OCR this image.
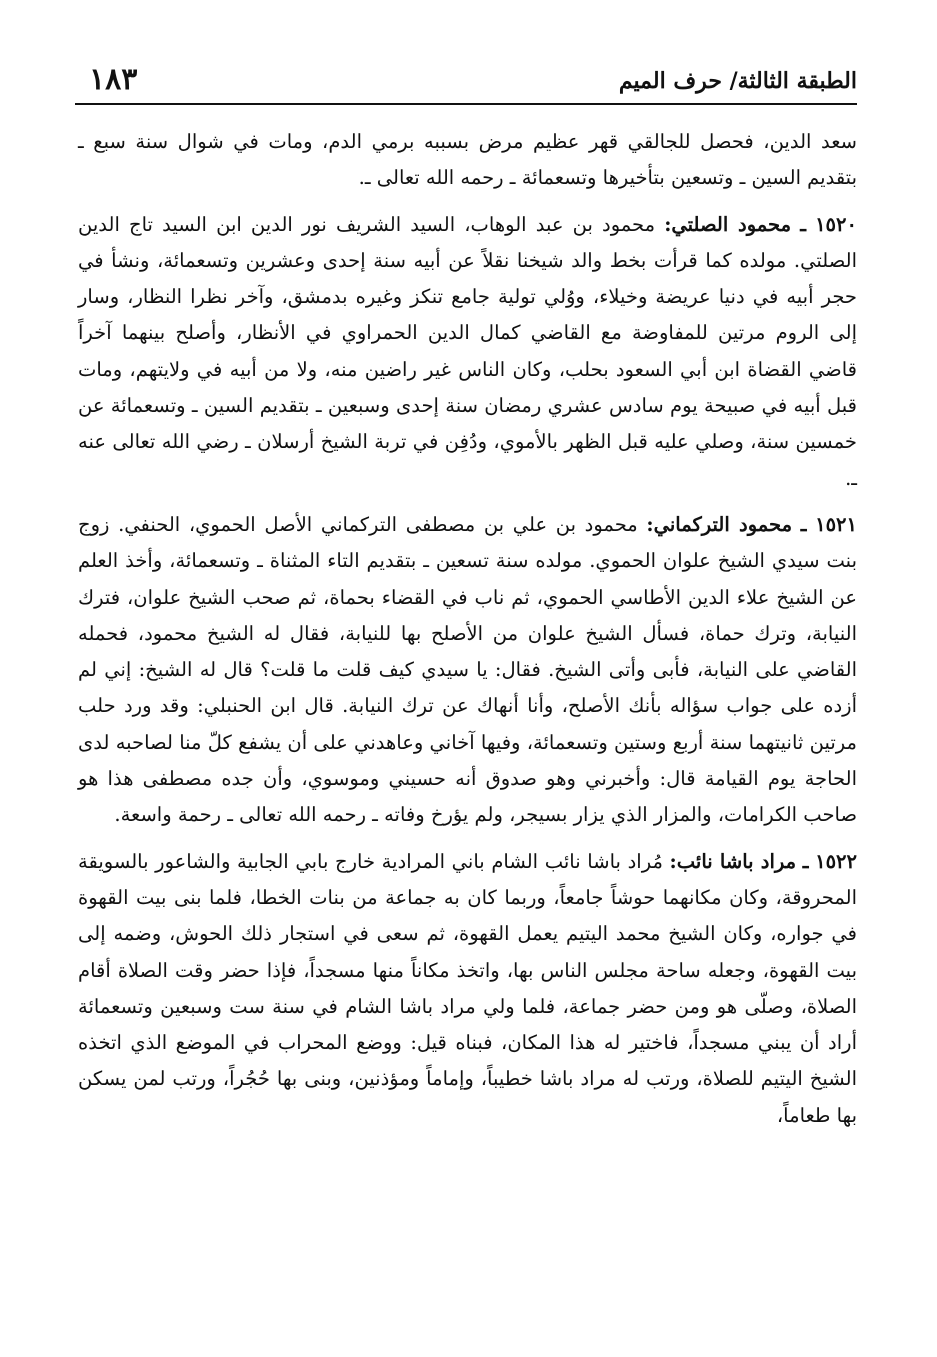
الطبقة الثالثة/ حرف الميم
١٨٣

سعد الدين، فحصل للجالقي قهر عظيم مرض بسببه برمي الدم، ومات في شوال سنة سبع ـ بتقديم السين ـ وتسعين بتأخيرها وتسعمائة ـ رحمه الله تعالى ـ.

١٥٢٠ ـ محمود الصلتي: محمود بن عبد الوهاب، السيد الشريف نور الدين ابن السيد تاج الدين الصلتي. مولده كما قرأت بخط والد شيخنا نقلاً عن أبيه سنة إحدى وعشرين وتسعمائة، ونشأ في حجر أبيه في دنيا عريضة وخيلاء، ووُلي تولية جامع تنكز وغيره بدمشق، وآخر نظرا النظار، وسار إلى الروم مرتين للمفاوضة مع القاضي كمال الدين الحمراوي في الأنظار، وأصلح بينهما آخراً قاضي القضاة ابن أبي السعود بحلب، وكان الناس غير راضين منه، ولا من أبيه في ولايتهم، ومات قبل أبيه في صبيحة يوم سادس عشري رمضان سنة إحدى وسبعين ـ بتقديم السين ـ وتسعمائة عن خمسين سنة، وصلي عليه قبل الظهر بالأموي، ودُفِن في تربة الشيخ أرسلان ـ رضي الله تعالى عنه ـ.

١٥٢١ ـ محمود التركماني: محمود بن علي بن مصطفى التركماني الأصل الحموي، الحنفي. زوج بنت سيدي الشيخ علوان الحموي. مولده سنة تسعين ـ بتقديم التاء المثناة ـ وتسعمائة، وأخذ العلم عن الشيخ علاء الدين الأطاسي الحموي، ثم ناب في القضاء بحماة، ثم صحب الشيخ علوان، فترك النيابة، وترك حماة، فسأل الشيخ علوان من الأصلح بها للنيابة، فقال له الشيخ محمود، فحمله القاضي على النيابة، فأبى وأتى الشيخ. فقال: يا سيدي كيف قلت ما قلت؟ قال له الشيخ: إني لم أزده على جواب سؤاله بأنك الأصلح، وأنا أنهاك عن ترك النيابة. قال ابن الحنبلي: وقد ورد حلب مرتين ثانيتهما سنة أربع وستين وتسعمائة، وفيها آخاني وعاهدني على أن يشفع كلّ منا لصاحبه لدى الحاجة يوم القيامة قال: وأخبرني وهو صدوق أنه حسيني وموسوي، وأن جده مصطفى هذا هو صاحب الكرامات، والمزار الذي يزار بسيجر، ولم يؤرخ وفاته ـ رحمه الله تعالى ـ رحمة واسعة.

١٥٢٢ ـ مراد باشا نائب: مُراد باشا نائب الشام باني المرادية خارج بابي الجابية والشاعور بالسويقة المحروقة، وكان مكانهما حوشاً جامعاً، وربما كان به جماعة من بنات الخطا، فلما بنى بيت القهوة في جواره، وكان الشيخ محمد اليتيم يعمل القهوة، ثم سعى في استجار ذلك الحوش، وضمه إلى بيت القهوة، وجعله ساحة مجلس الناس بها، واتخذ مكاناً منها مسجداً، فإذا حضر وقت الصلاة أقام الصلاة، وصلّى هو ومن حضر جماعة، فلما ولي مراد باشا الشام في سنة ست وسبعين وتسعمائة أراد أن يبني مسجداً، فاختير له هذا المكان، فبناه قيل: ووضع المحراب في الموضع الذي اتخذه الشيخ اليتيم للصلاة، ورتب له مراد باشا خطيباً، وإماماً ومؤذنين، وبنى بها حُجُراً، ورتب لمن يسكن بها طعاماً،
